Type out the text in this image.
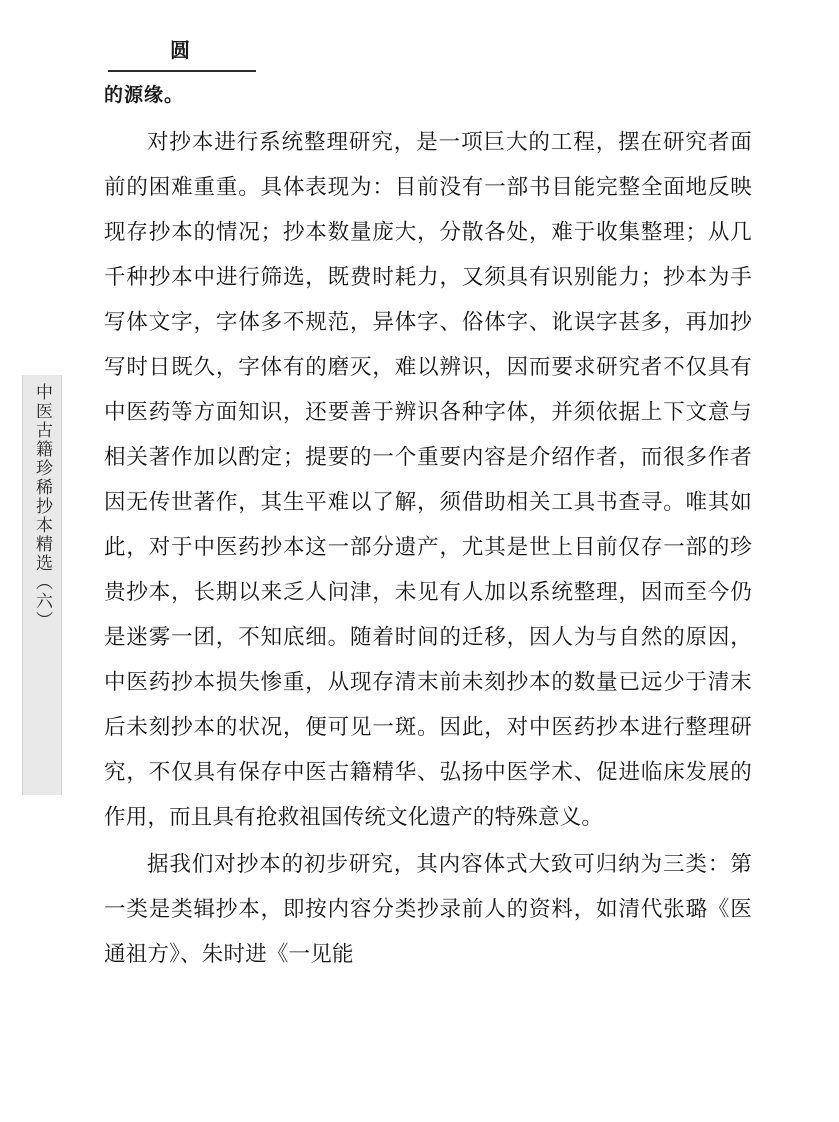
圆
中医古籍珍稀抄本精选（六）

的源缘。

对抄本进行系统整理研究，是一项巨大的工程，摆在研究者面前的困难重重。具体表现为：目前没有一部书目能完整全面地反映现存抄本的情况；抄本数量庞大，分散各处，难于收集整理；从几千种抄本中进行筛选，既费时耗力，又须具有识别能力；抄本为手写体文字，字体多不规范，异体字、俗体字、讹误字甚多，再加抄写时日既久，字体有的磨灭，难以辨识，因而要求研究者不仅具有中医药等方面知识，还要善于辨识各种字体，并须依据上下文意与相关著作加以酌定；提要的一个重要内容是介绍作者，而很多作者因无传世著作，其生平难以了解，须借助相关工具书查寻。唯其如此，对于中医药抄本这一部分遗产，尤其是世上目前仅存一部的珍贵抄本，长期以来乏人问津，未见有人加以系统整理，因而至今仍是迷雾一团，不知底细。随着时间的迁移，因人为与自然的原因，中医药抄本损失惨重，从现存清末前未刻抄本的数量已远少于清末后未刻抄本的状况，便可见一斑。因此，对中医药抄本进行整理研究，不仅具有保存中医古籍精华、弘扬中医学术、促进临床发展的作用，而且具有抢救祖国传统文化遗产的特殊意义。

据我们对抄本的初步研究，其内容体式大致可归纳为三类：第一类是类辑抄本，即按内容分类抄录前人的资料，如清代张璐《医通祖方》、朱时进《一见能
